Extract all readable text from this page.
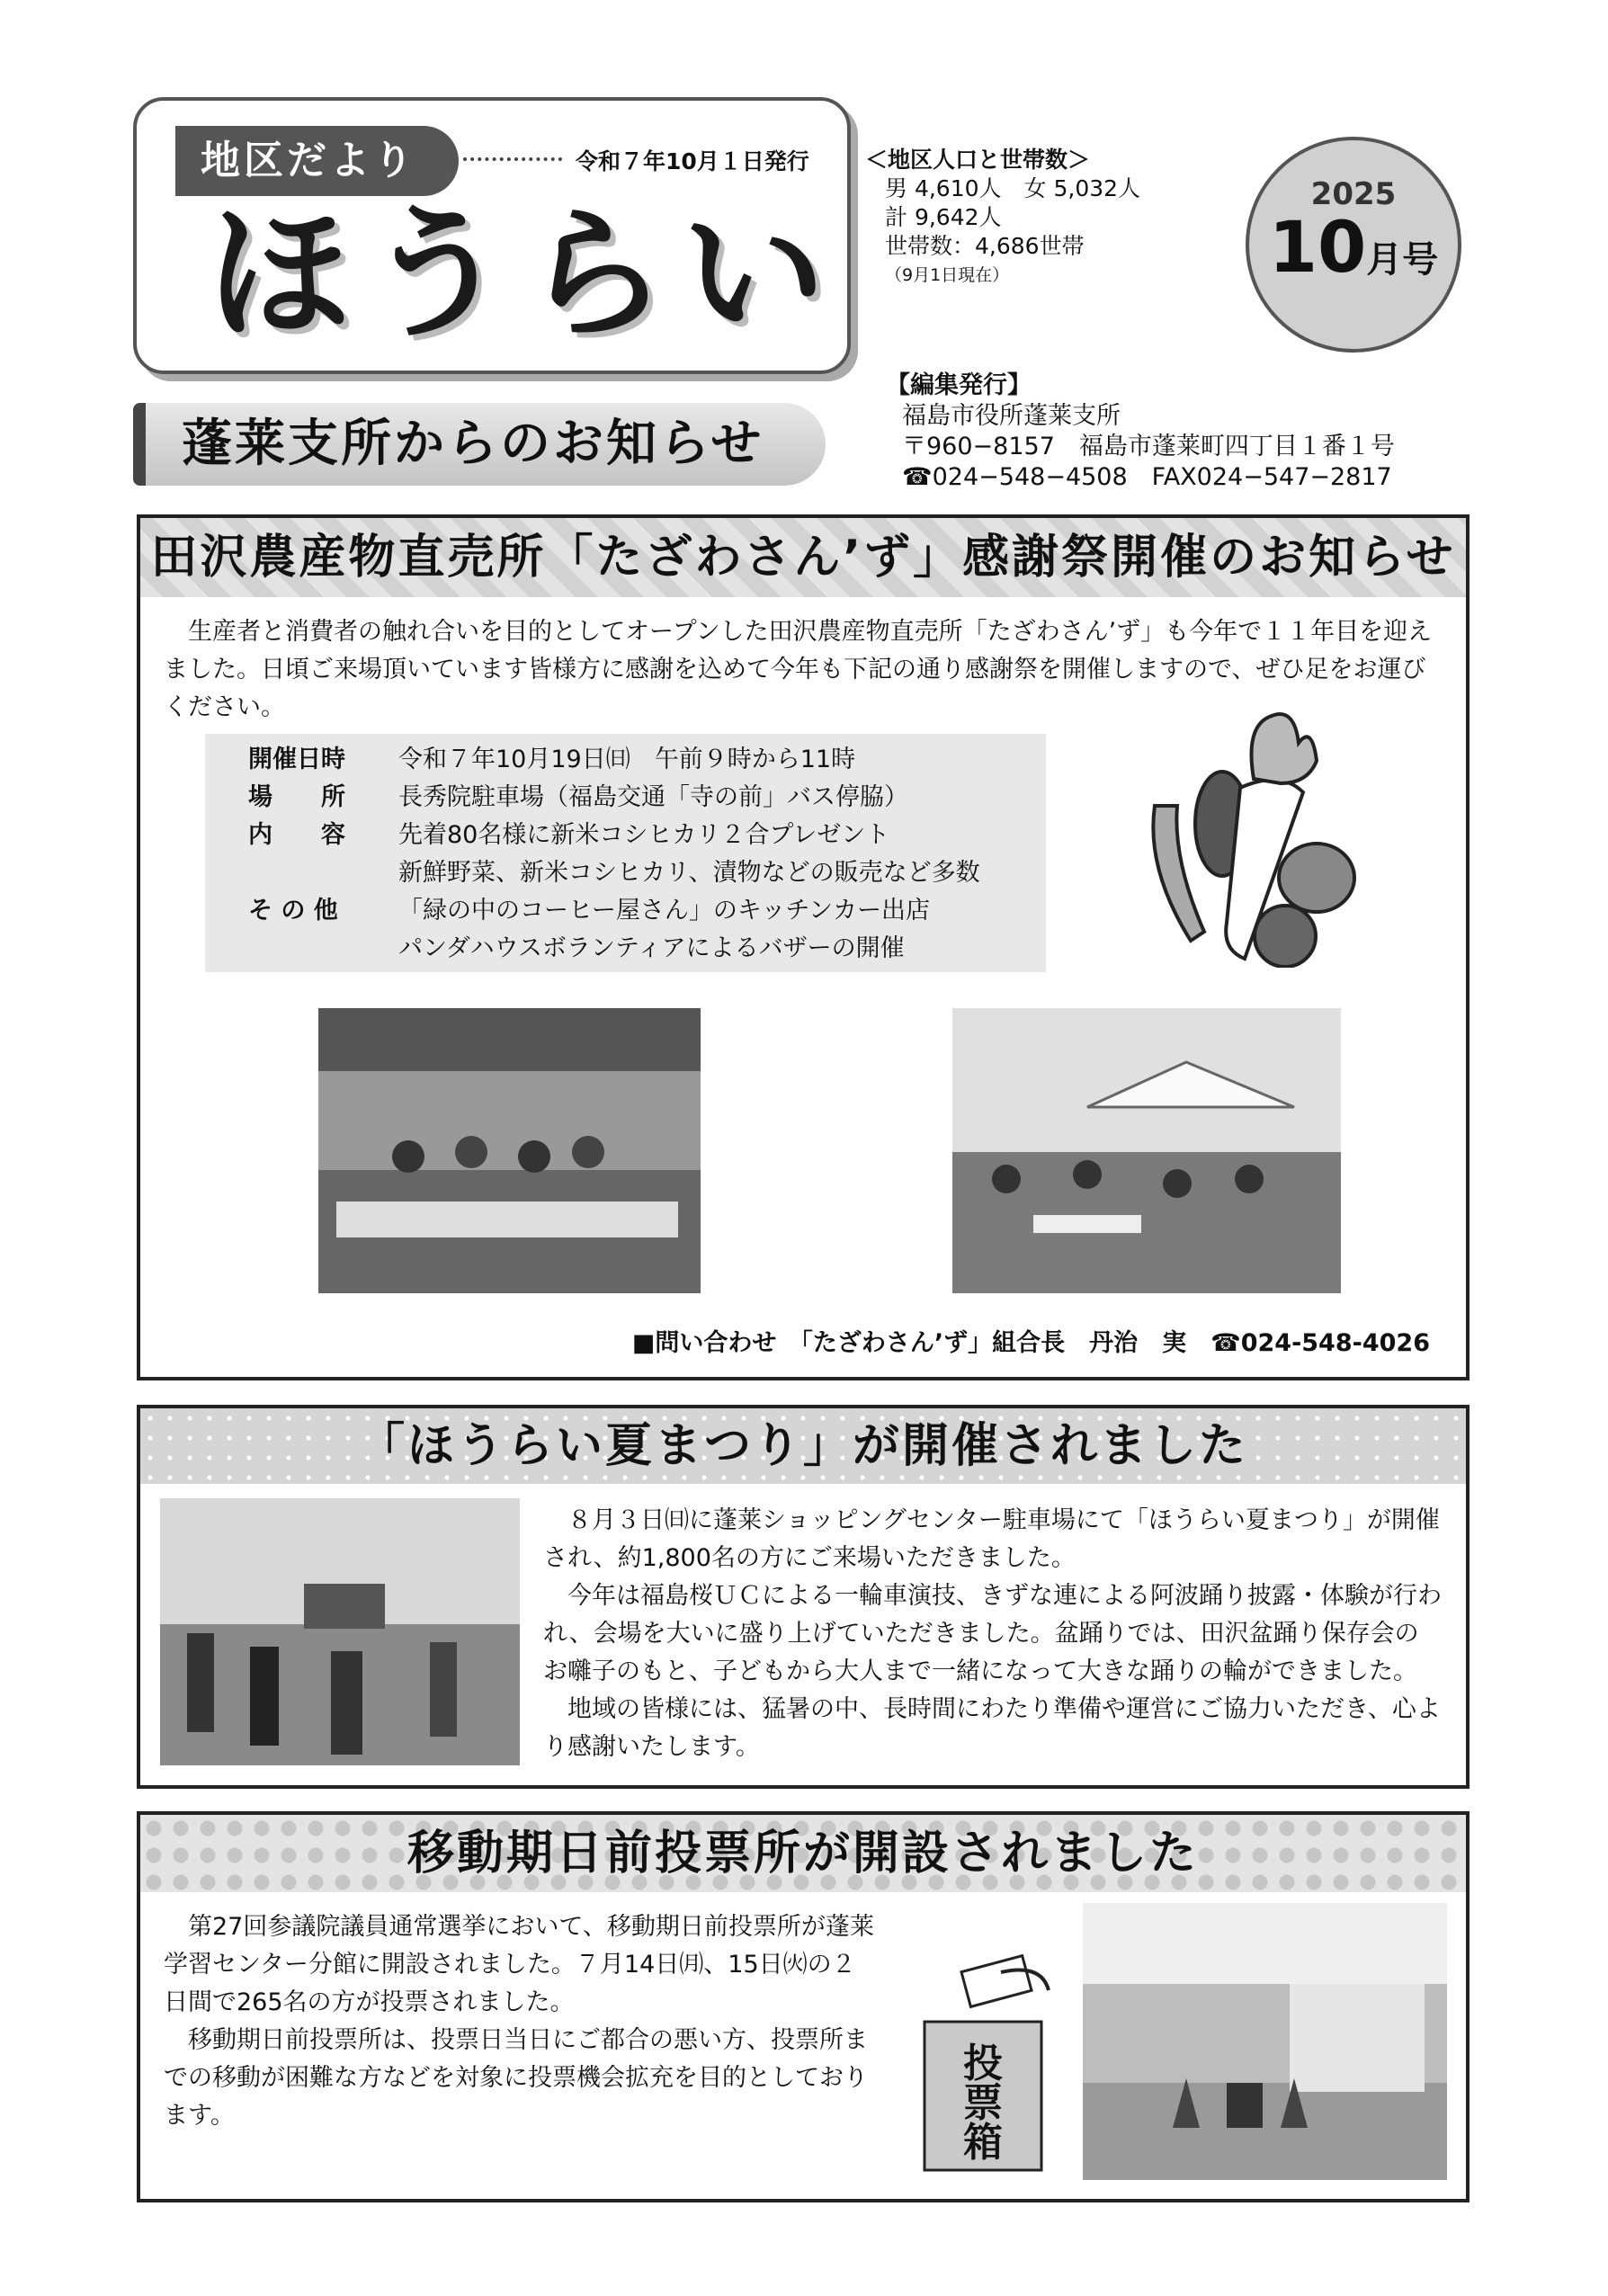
地区だより	令和７年10月１日発行
ほうらい
＜地区人口と世帯数＞
男 4,610人　女 5,032人
計 9,642人
世帯数：4,686世帯
（9月1日現在）
2025
10月号
蓬莱支所からのお知らせ
【編集発行】
福島市役所蓬莱支所
〒960−8157　福島市蓬莱町四丁目１番１号
☎024−548−4508　FAX024−547−2817
田沢農産物直売所「たざわさん’ず」感謝祭開催のお知らせ
　生産者と消費者の触れ合いを目的としてオープンした田沢農産物直売所「たざわさん’ず」も今年で１１年目を迎えました。日頃ご来場頂いています皆様方に感謝を込めて今年も下記の通り感謝祭を開催しますので、ぜひ足をお運びください。
開催日時	令和７年10月19日㈰　午前９時から11時
場　　所	長秀院駐車場（福島交通「寺の前」バス停脇）
内　　容	先着80名様に新米コシヒカリ２合プレゼント
新鮮野菜、新米コシヒカリ、漬物などの販売など多数
そ の 他	「緑の中のコーヒー屋さん」のキッチンカー出店
パンダハウスボランティアによるバザーの開催
■問い合わせ　「たざわさん’ず」組合長　丹治　実　☎024-548-4026
「ほうらい夏まつり」が開催されました
　８月３日㈰に蓬莱ショッピングセンター駐車場にて「ほうらい夏まつり」が開催され、約1,800名の方にご来場いただきました。
　今年は福島桜ＵＣによる一輪車演技、きずな連による阿波踊り披露・体験が行われ、会場を大いに盛り上げていただきました。盆踊りでは、田沢盆踊り保存会のお囃子のもと、子どもから大人まで一緒になって大きな踊りの輪ができました。
　地域の皆様には、猛暑の中、長時間にわたり準備や運営にご協力いただき、心より感謝いたします。
移動期日前投票所が開設されました
　第27回参議院議員通常選挙において、移動期日前投票所が蓬莱学習センター分館に開設されました。７月14日㈪、15日㈫の２日間で265名の方が投票されました。
　移動期日前投票所は、投票日当日にご都合の悪い方、投票所までの移動が困難な方などを対象に投票機会拡充を目的としております。
投票箱
